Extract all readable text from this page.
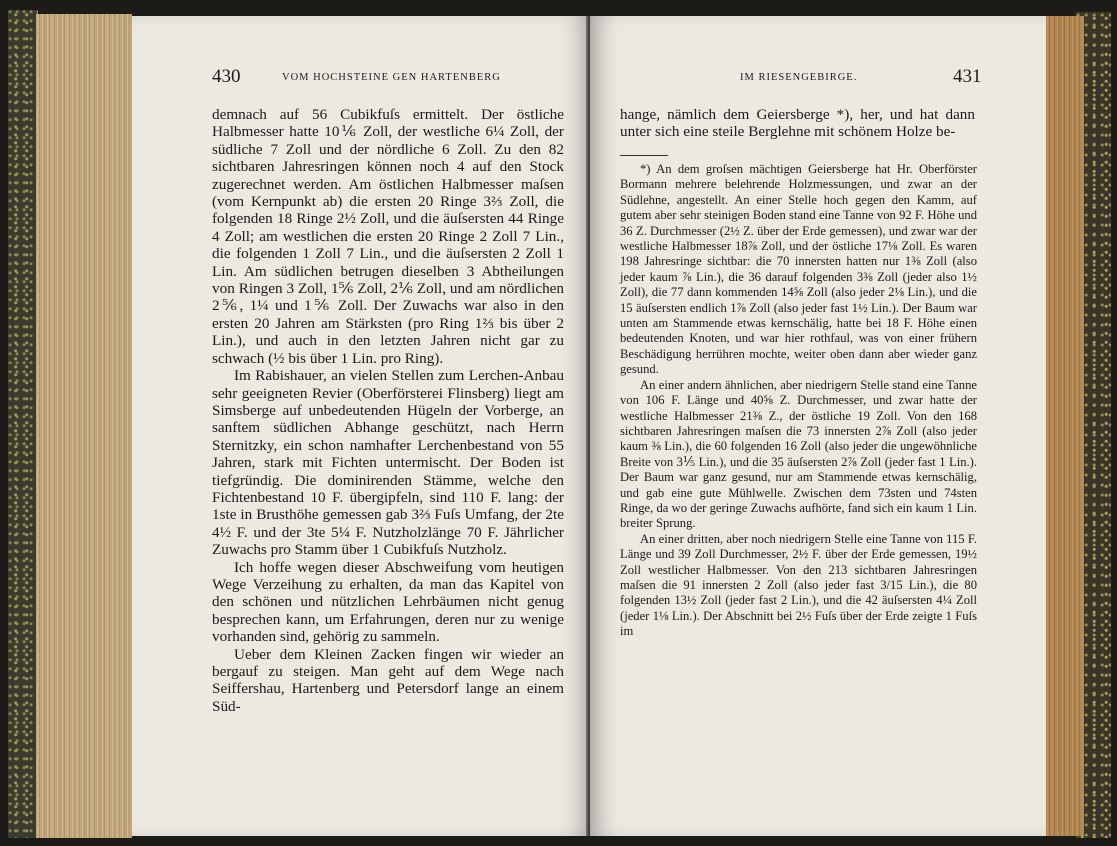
430	VOM HOCHSTEINE GEN HARTENBERG

demnach auf 56 Cubikfuſs ermittelt. Der östliche Halbmesser hatte 10⅙ Zoll, der westliche 6¼ Zoll, der südliche 7 Zoll und der nördliche 6 Zoll. Zu den 82 sichtbaren Jahresringen können noch 4 auf den Stock zugerechnet werden. Am östlichen Halbmesser maſsen (vom Kernpunkt ab) die ersten 20 Ringe 3⅔ Zoll, die folgenden 18 Ringe 2½ Zoll, und die äuſsersten 44 Ringe 4 Zoll; am westlichen die ersten 20 Ringe 2 Zoll 7 Lin., die folgenden 1 Zoll 7 Lin., und die äuſsersten 2 Zoll 1 Lin. Am südlichen betrugen dieselben 3 Abtheilungen von Ringen 3 Zoll, 1⅚ Zoll, 2⅙ Zoll, und am nördlichen 2⅚, 1¼ und 1⅚ Zoll. Der Zuwachs war also in den ersten 20 Jahren am Stärksten (pro Ring 1⅔ bis über 2 Lin.), und auch in den letzten Jahren nicht gar zu schwach (½ bis über 1 Lin. pro Ring).

Im Rabishauer, an vielen Stellen zum Lerchen-Anbau sehr geeigneten Revier (Oberförsterei Flinsberg) liegt am Simsberge auf unbedeutenden Hügeln der Vorberge, an sanftem südlichen Abhange geschützt, nach Herrn Sternitzky, ein schon namhafter Lerchenbestand von 55 Jahren, stark mit Fichten untermischt. Der Boden ist tiefgründig. Die dominirenden Stämme, welche den Fichtenbestand 10 F. übergipfeln, sind 110 F. lang: der 1ste in Brusthöhe gemessen gab 3⅔ Fuſs Umfang, der 2te 4½ F. und der 3te 5¼ F. Nutzholzlänge 70 F. Jährlicher Zuwachs pro Stamm über 1 Cubikfuſs Nutzholz.

Ich hoffe wegen dieser Abschweifung vom heutigen Wege Verzeihung zu erhalten, da man das Kapitel von den schönen und nützlichen Lehrbäumen nicht genug besprechen kann, um Erfahrungen, deren nur zu wenige vorhanden sind, gehörig zu sammeln.

Ueber dem Kleinen Zacken fingen wir wieder an bergauf zu steigen. Man geht auf dem Wege nach Seiffershau, Hartenberg und Petersdorf lange an einem Süd-

IM RIESENGEBIRGE.	431

hange, nämlich dem Geiersberge *), her, und hat dann unter sich eine steile Berglehne mit schönem Holze be-

*) An dem groſsen mächtigen Geiersberge hat Hr. Oberförster Bormann mehrere belehrende Holzmessungen, und zwar an der Südlehne, angestellt. An einer Stelle hoch gegen den Kamm, auf gutem aber sehr steinigen Boden stand eine Tanne von 92 F. Höhe und 36 Z. Durchmesser (2½ Z. über der Erde gemessen), und zwar war der westliche Halbmesser 18⅞ Zoll, und der östliche 17⅛ Zoll. Es waren 198 Jahresringe sichtbar: die 70 innersten hatten nur 1⅜ Zoll (also jeder kaum ⅞ Lin.), die 36 darauf folgenden 3⅜ Zoll (jeder also 1½ Zoll), die 77 dann kommenden 14⅝ Zoll (also jeder 2⅛ Lin.), und die 15 äuſsersten endlich 1⅞ Zoll (also jeder fast 1½ Lin.). Der Baum war unten am Stammende etwas kernschälig, hatte bei 18 F. Höhe einen bedeutenden Knoten, und war hier rothfaul, was von einer frühern Beschädigung herrühren mochte, weiter oben dann aber wieder ganz gesund.

An einer andern ähnlichen, aber niedrigern Stelle stand eine Tanne von 106 F. Länge und 40⅝ Z. Durchmesser, und zwar hatte der westliche Halbmesser 21⅜ Z., der östliche 19 Zoll. Von den 168 sichtbaren Jahresringen maſsen die 73 innersten 2⅞ Zoll (also jeder kaum ⅜ Lin.), die 60 folgenden 16 Zoll (also jeder die ungewöhnliche Breite von 3⅕ Lin.), und die 35 äuſsersten 2⅞ Zoll (jeder fast 1 Lin.). Der Baum war ganz gesund, nur am Stammende etwas kernschälig, und gab eine gute Mühlwelle. Zwischen dem 73sten und 74sten Ringe, da wo der geringe Zuwachs aufhörte, fand sich ein kaum 1 Lin. breiter Sprung.

An einer dritten, aber noch niedrigern Stelle eine Tanne von 115 F. Länge und 39 Zoll Durchmesser, 2½ F. über der Erde gemessen, 19½ Zoll westlicher Halbmesser. Von den 213 sichtbaren Jahresringen maſsen die 91 innersten 2 Zoll (also jeder fast 3/15 Lin.), die 80 folgenden 13½ Zoll (jeder fast 2 Lin.), und die 42 äuſsersten 4¼ Zoll (jeder 1⅛ Lin.). Der Abschnitt bei 2½ Fuſs über der Erde zeigte 1 Fuſs im
